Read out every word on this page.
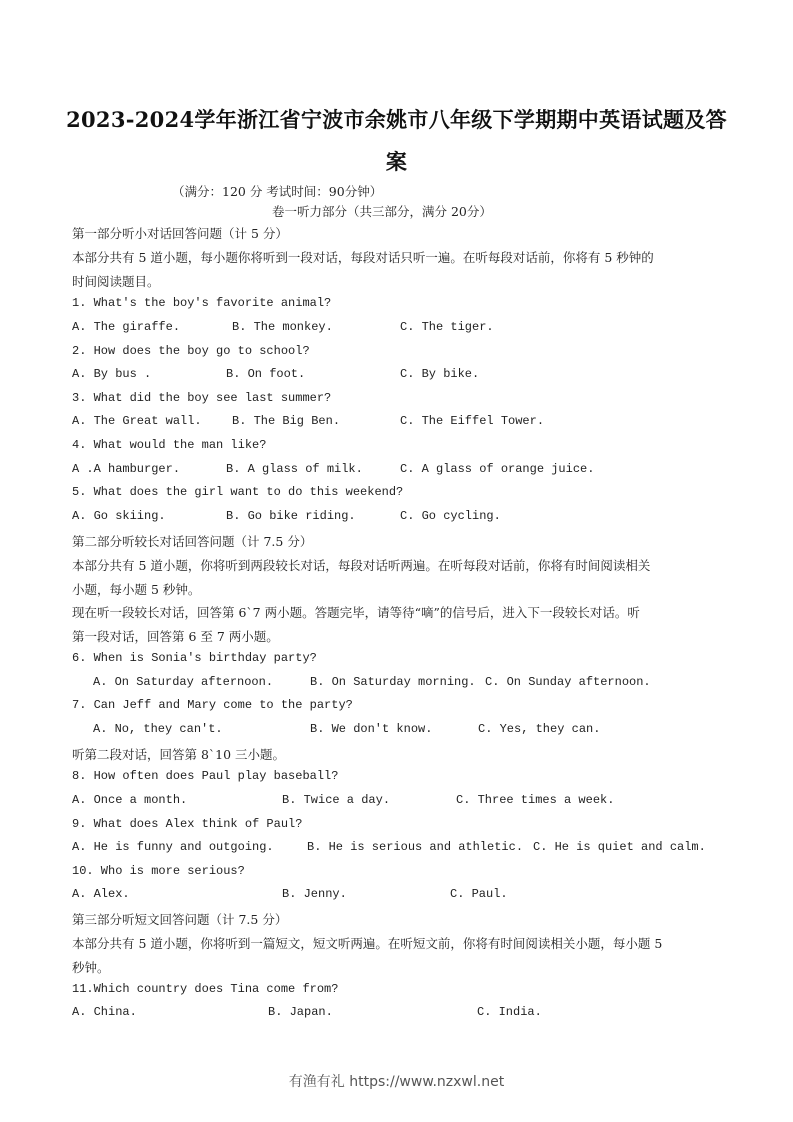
2023-2024学年浙江省宁波市余姚市八年级下学期期中英语试题及答
案
（满分：120 分 考试时间：90分钟）
卷一听力部分（共三部分，满分 20分）
第一部分听小对话回答问题（计 5 分）
本部分共有 5 道小题，每小题你将听到一段对话，每段对话只听一遍。在听每段对话前，你将有 5 秒钟的
时间阅读题目。
1. What's the boy's favorite animal?
A. The giraffe.	B. The monkey.	C. The tiger.
2. How does the boy go to school?
A. By bus .	B. On foot.	C. By bike.
3. What did the boy see last summer?
A. The Great wall.	B. The Big Ben.	C. The Eiffel Tower.
4. What would the man like?
A .A hamburger.	B. A glass of milk.	C. A glass of orange juice.
5. What does the girl want to do this weekend?
A. Go skiing.	B. Go bike riding.	C. Go cycling.
第二部分听较长对话回答问题（计 7.5 分）
本部分共有 5 道小题，你将听到两段较长对话，每段对话听两遍。在听每段对话前，你将有时间阅读相关
小题，每小题 5 秒钟。
现在听一段较长对话，回答第 6`7 两小题。答题完毕，请等待“嘀”的信号后，进入下一段较长对话。听
第一段对话，回答第 6 至 7 两小题。
6. When is Sonia's birthday party?
A. On Saturday afternoon.	B. On Saturday morning. C. On Sunday afternoon.
7. Can Jeff and Mary come to the party?
A. No, they can't.	B. We don't know.	C. Yes, they can.
听第二段对话，回答第 8`10 三小题。
8. How often does Paul play baseball?
A. Once a month.	B. Twice a day.	C. Three times a week.
9. What does Alex think of Paul?
A. He is funny and outgoing.	B. He is serious and athletic. C. He is quiet and calm.
10. Who is more serious?
A. Alex.	B. Jenny.	C. Paul.
第三部分听短文回答问题（计 7.5 分）
本部分共有 5 道小题，你将听到一篇短文，短文听两遍。在听短文前，你将有时间阅读相关小题，每小题 5
秒钟。
11.Which country does Tina come from?
A. China.	B. Japan.	C. India.
有渔有礼 https://www.nzxwl.net
